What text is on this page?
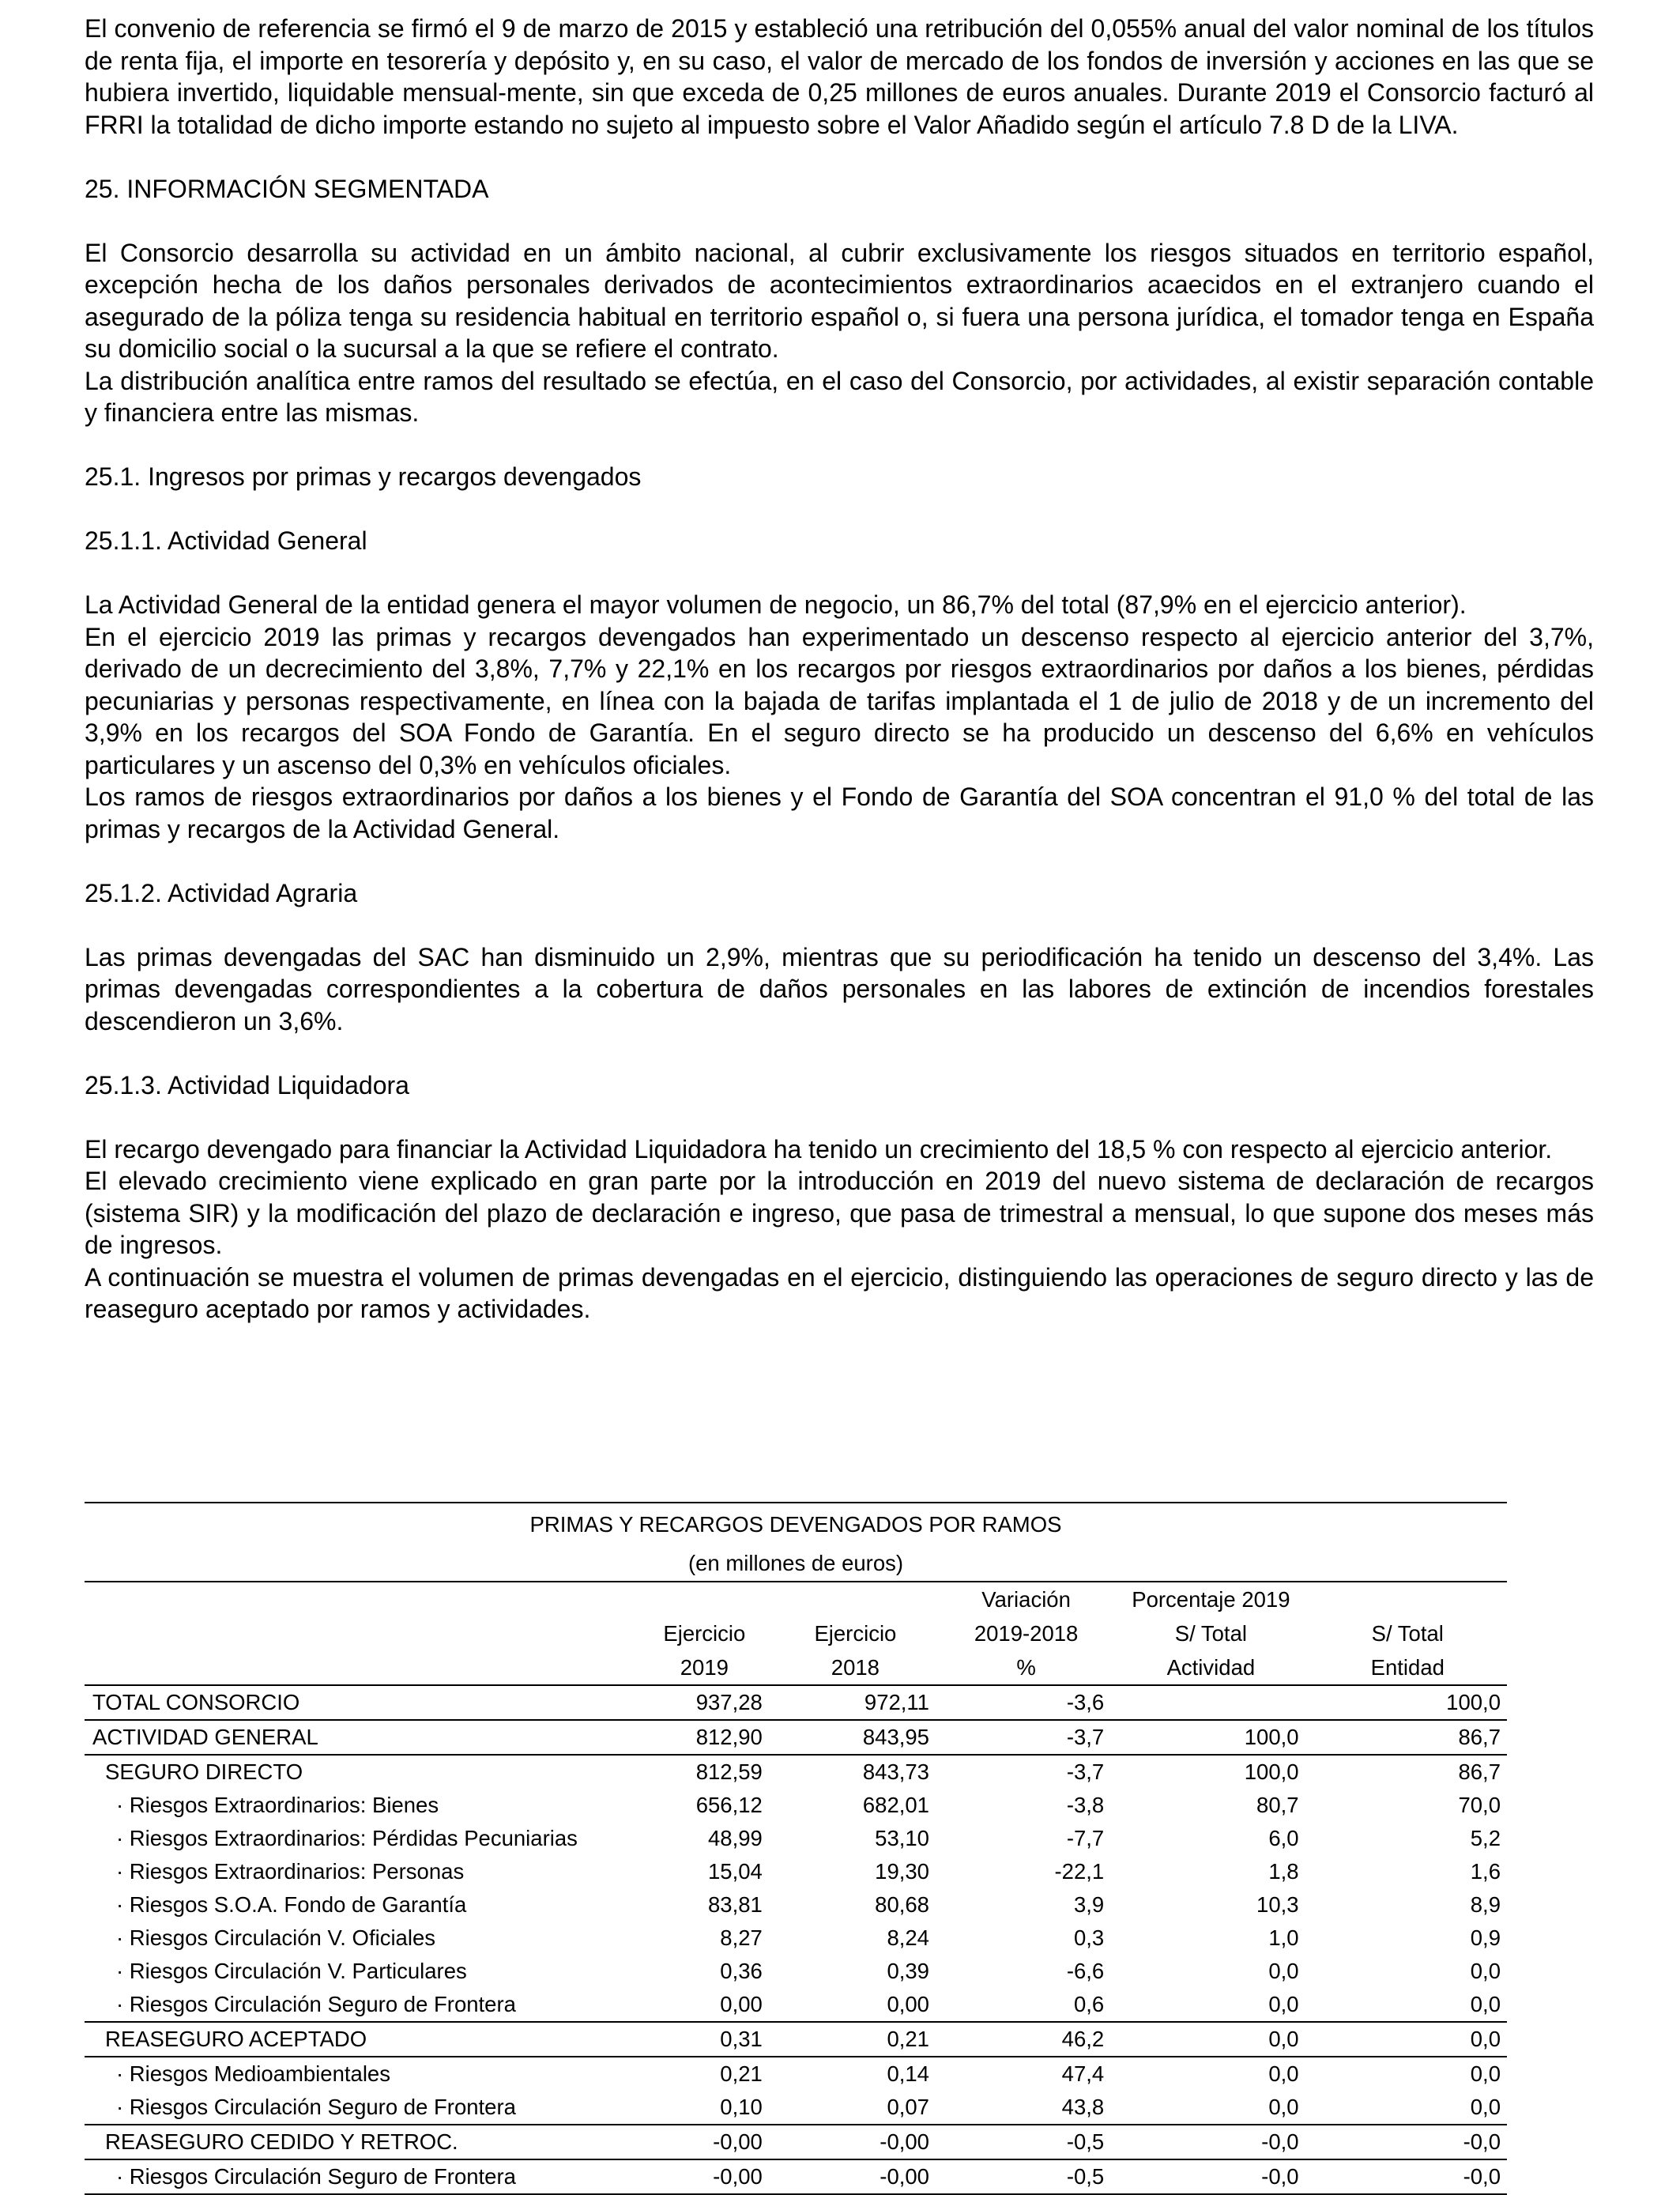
El convenio de referencia se firmó el 9 de marzo de 2015 y estableció una retribución del 0,055% anual del valor nominal de los títulos de renta fija, el importe en tesorería y depósito y, en su caso, el valor de mercado de los fondos de inversión y acciones en las que se hubiera invertido, liquidable mensual-mente, sin que exceda de 0,25 millones de euros anuales. Durante 2019 el Consorcio facturó al FRRI la totalidad de dicho importe estando no sujeto al impuesto sobre el Valor Añadido según el artículo 7.8 D de la LIVA.

25. INFORMACIÓN SEGMENTADA

El Consorcio desarrolla su actividad en un ámbito nacional, al cubrir exclusivamente los riesgos situados en territorio español, excepción hecha de los daños personales derivados de acontecimientos extraordinarios acaecidos en el extranjero cuando el asegurado de la póliza tenga su residencia habitual en territorio español o, si fuera una persona jurídica, el tomador tenga en España su domicilio social o la sucursal a la que se refiere el contrato.

La distribución analítica entre ramos del resultado se efectúa, en el caso del Consorcio, por actividades, al existir separación contable y financiera entre las mismas.

25.1. Ingresos por primas y recargos devengados

25.1.1. Actividad General

La Actividad General de la entidad genera el mayor volumen de negocio, un 86,7% del total (87,9% en el ejercicio anterior).

En el ejercicio 2019 las primas y recargos devengados han experimentado un descenso respecto al ejercicio anterior del 3,7%, derivado de un decrecimiento del 3,8%, 7,7% y 22,1% en los recargos por riesgos extraordinarios por daños a los bienes, pérdidas pecuniarias y personas respectivamente, en línea con la bajada de tarifas implantada el 1 de julio de 2018 y de un incremento del 3,9% en los recargos del SOA Fondo de Garantía. En el seguro directo se ha producido un descenso del 6,6% en vehículos particulares y un ascenso del 0,3% en vehículos oficiales.

Los ramos de riesgos extraordinarios por daños a los bienes y el Fondo de Garantía del SOA concentran el 91,0 % del total de las primas y recargos de la Actividad General.

25.1.2. Actividad Agraria

Las primas devengadas del SAC han disminuido un 2,9%, mientras que su periodificación ha tenido un descenso del 3,4%. Las primas devengadas correspondientes a la cobertura de daños personales en las labores de extinción de incendios forestales descendieron un 3,6%.

25.1.3. Actividad Liquidadora

El recargo devengado para financiar la Actividad Liquidadora ha tenido un crecimiento del 18,5 % con respecto al ejercicio anterior.

El elevado crecimiento viene explicado en gran parte por la introducción en 2019 del nuevo sistema de declaración de recargos (sistema SIR) y la modificación del plazo de declaración e ingreso, que pasa de trimestral a mensual, lo que supone dos meses más de ingresos.

A continuación se muestra el volumen de primas devengadas en el ejercicio, distinguiendo las operaciones de seguro directo y las de reaseguro aceptado por ramos y actividades.

PRIMAS Y RECARGOS DEVENGADOS POR RAMOS					
(en millones de euros)					
			Variación	Porcentaje 2019	
	Ejercicio	Ejercicio	2019-2018	S/ Total	S/ Total
	2019	2018	%	Actividad	Entidad
TOTAL CONSORCIO	937,28	972,11	-3,6		100,0
ACTIVIDAD GENERAL	812,90	843,95	-3,7	100,0	86,7
SEGURO DIRECTO	812,59	843,73	-3,7	100,0	86,7
· Riesgos Extraordinarios: Bienes	656,12	682,01	-3,8	80,7	70,0
· Riesgos Extraordinarios: Pérdidas Pecuniarias	48,99	53,10	-7,7	6,0	5,2
· Riesgos Extraordinarios: Personas	15,04	19,30	-22,1	1,8	1,6
· Riesgos S.O.A. Fondo de Garantía	83,81	80,68	3,9	10,3	8,9
· Riesgos Circulación V. Oficiales	8,27	8,24	0,3	1,0	0,9
· Riesgos Circulación V. Particulares	0,36	0,39	-6,6	0,0	0,0
· Riesgos Circulación Seguro de Frontera	0,00	0,00	0,6	0,0	0,0
REASEGURO ACEPTADO	0,31	0,21	46,2	0,0	0,0
· Riesgos Medioambientales	0,21	0,14	47,4	0,0	0,0
· Riesgos Circulación Seguro de Frontera	0,10	0,07	43,8	0,0	0,0
REASEGURO CEDIDO Y RETROC.	-0,00	-0,00	-0,5	-0,0	-0,0
· Riesgos Circulación Seguro de Frontera	-0,00	-0,00	-0,5	-0,0	-0,0
